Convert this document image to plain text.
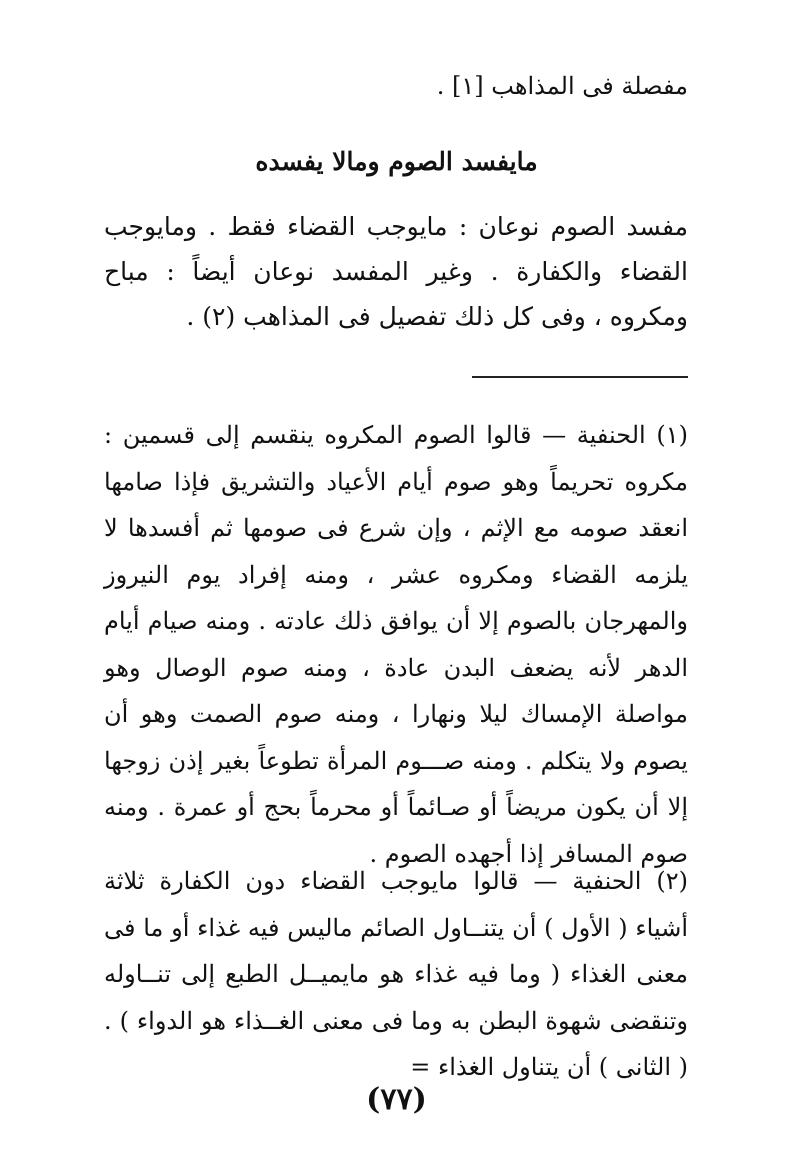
مفصلة فى المذاهب [١] .
مايفسد الصوم ومالا يفسده

مفسد الصوم نوعان : مايوجب القضاء فقط . ومايوجب القضاء والكفارة . وغير المفسد نوعان أيضاً : مباح ومكروه ، وفى كل ذلك تفصيل فى المذاهب (٢) .

(١) الحنفية — قالوا الصوم المكروه ينقسم إلى قسمين : مكروه تحريماً وهو صوم أيام الأعياد والتشريق فإذا صامها انعقد صومه مع الإثم ، وإن شرع فى صومها ثم أفسدها لا يلزمه القضاء ومكروه عشر ، ومنه إفراد يوم النيروز والمهرجان بالصوم إلا أن يوافق ذلك عادته . ومنه صيام أيام الدهر لأنه يضعف البدن عادة ، ومنه صوم الوصال وهو مواصلة الإمساك ليلا ونهارا ، ومنه صوم الصمت وهو أن يصوم ولا يتكلم . ومنه صـــوم المرأة تطوعاً بغير إذن زوجها إلا أن يكون مريضاً أو صـائماً أو محرماً بحج أو عمرة . ومنه صوم المسافر إذا أجهده الصوم .

(٢) الحنفية — قالوا مايوجب القضاء دون الكفارة ثلاثة أشياء ( الأول ) أن يتنــاول الصائم ماليس فيه غذاء أو ما فى معنى الغذاء ( وما فيه غذاء هو مايميــل الطبع إلى تنــاوله وتنقضى شهوة البطن به وما فى معنى الغــذاء هو الدواء ) . ( الثانى ) أن يتناول الغذاء =

(٧٧)
